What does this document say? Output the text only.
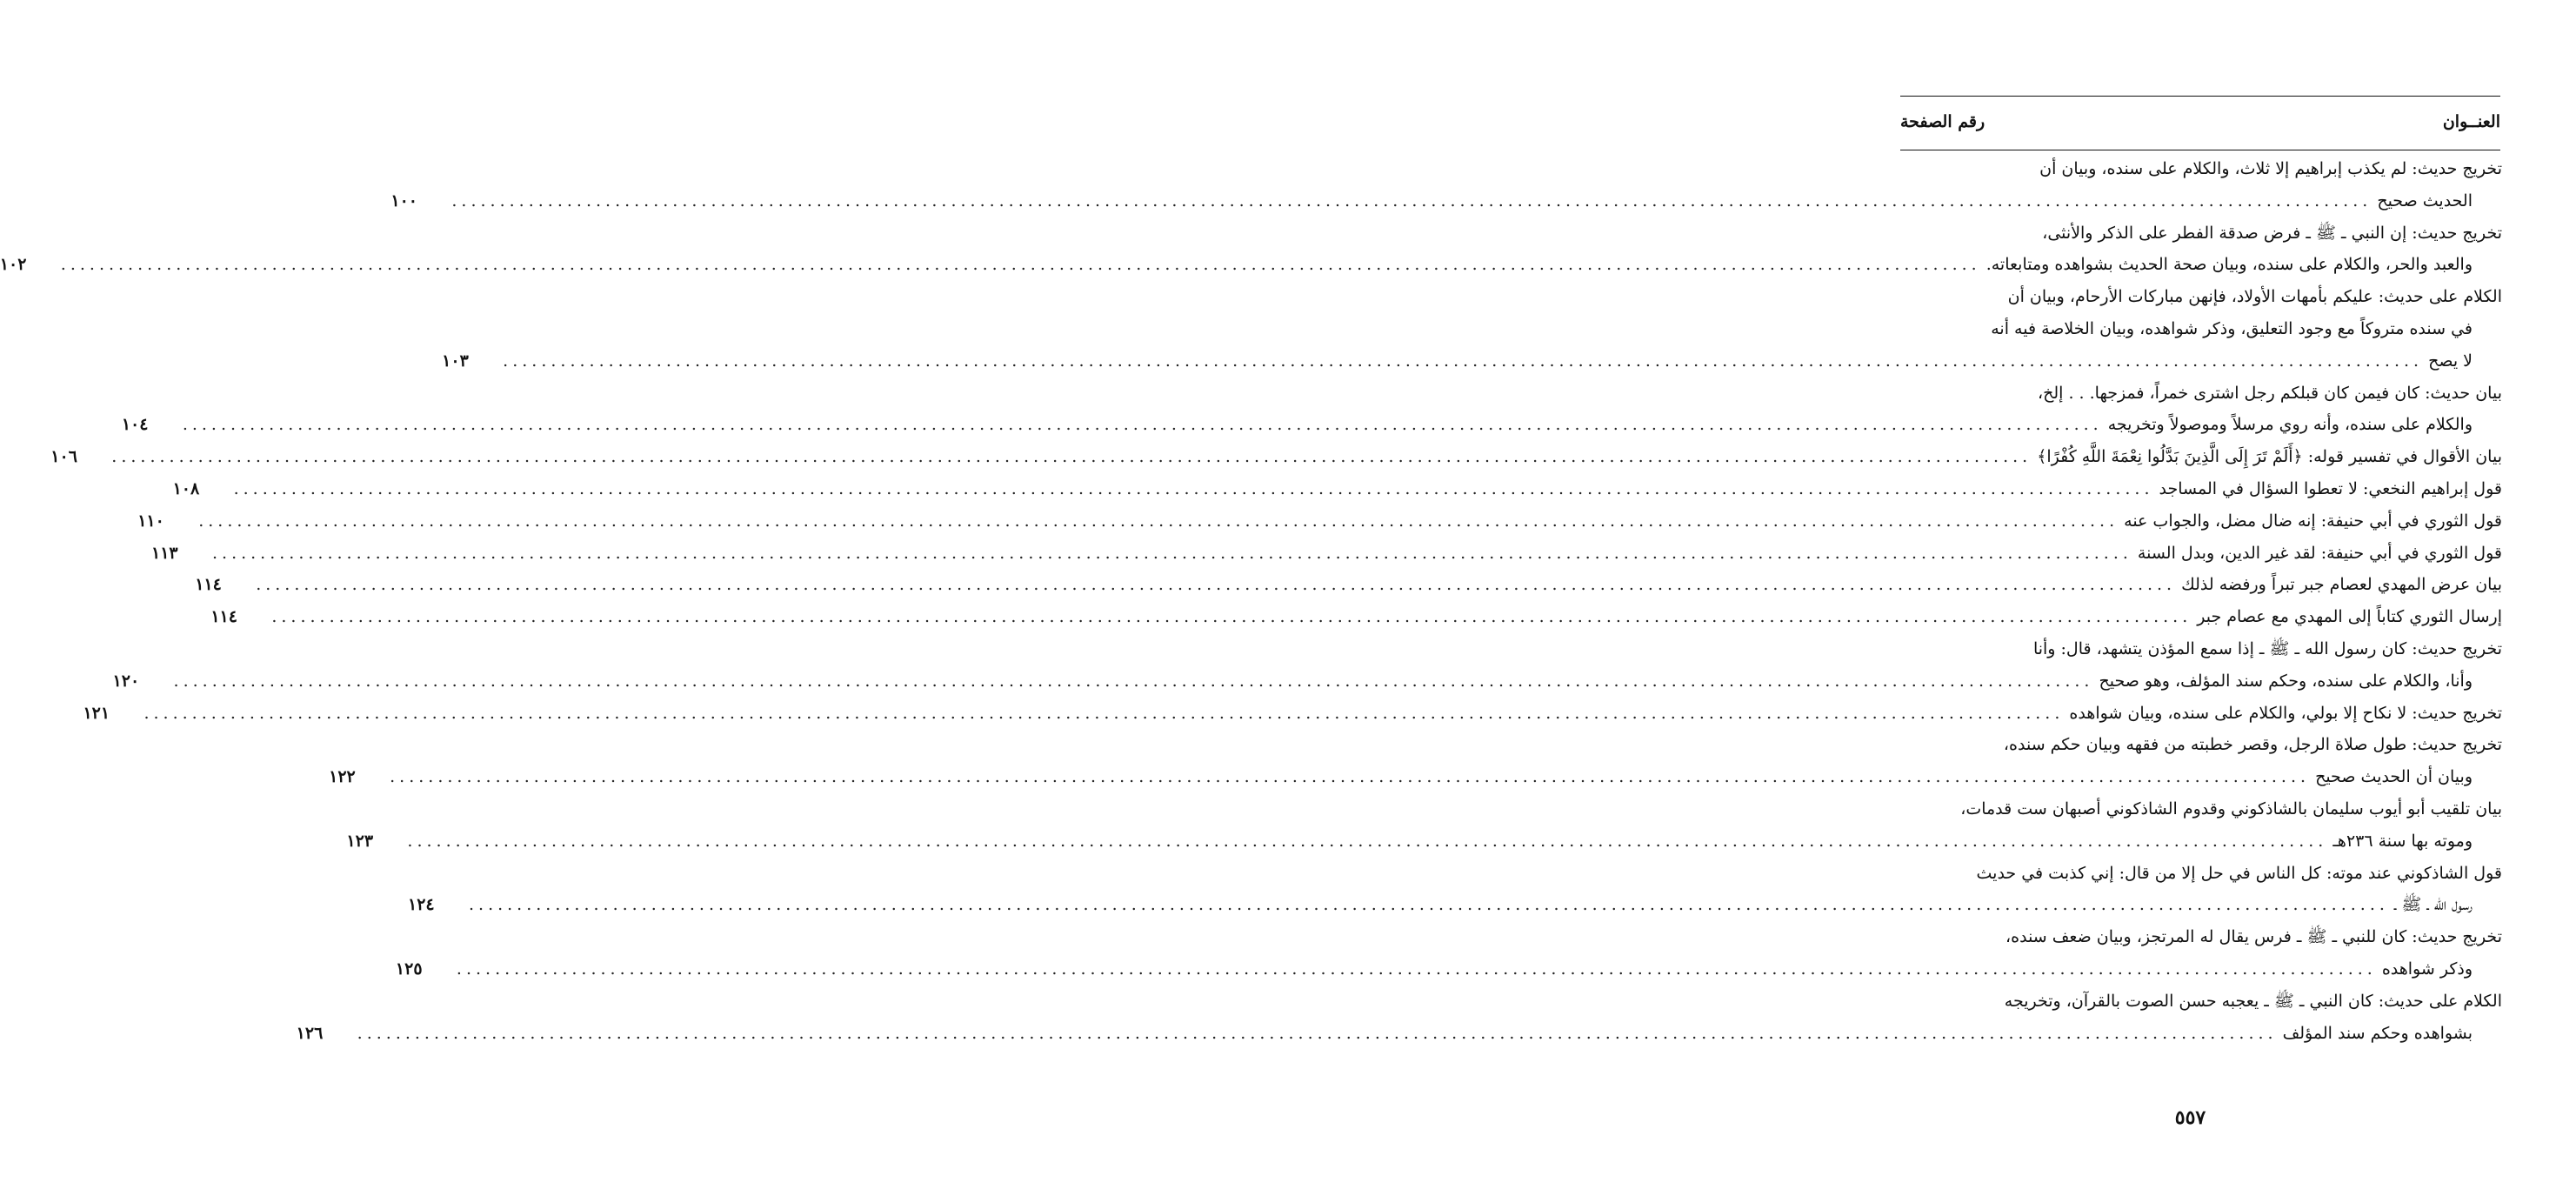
العنــوان
رقم الصفحة
تخريج حديث: لم يكذب إبراهيم إلا ثلاث، والكلام على سنده، وبيان أن
الحديث صحيح
........................................................................................................................................................................................................
١٠٠
تخريج حديث: إن النبي ـ ﷺ ـ فرض صدقة الفطر على الذكر والأنثى،
والعبد والحر، والكلام على سنده، وبيان صحة الحديث بشواهده ومتابعاته.
........................................................................................................................................................................................................
١٠٢
الكلام على حديث: عليكم بأمهات الأولاد، فإنهن مباركات الأرحام، وبيان أن
في سنده متروكاً مع وجود التعليق، وذكر شواهده، وبيان الخلاصة فيه أنه
لا يصح
........................................................................................................................................................................................................
١٠٣
بيان حديث: كان فيمن كان قبلكم رجل اشترى خمراً، فمزجها. . . إلخ،
والكلام على سنده، وأنه روي مرسلاً وموصولاً وتخريجه
........................................................................................................................................................................................................
١٠٤
بيان الأقوال في تفسير قوله: ﴿أَلَمْ تَرَ إِلَى الَّذِينَ بَدَّلُوا نِعْمَةَ اللَّهِ كُفْرًا﴾
........................................................................................................................................................................................................
١٠٦
قول إبراهيم النخعي: لا تعطوا السؤال في المساجد
........................................................................................................................................................................................................
١٠٨
قول الثوري في أبي حنيفة: إنه ضال مضل، والجواب عنه
........................................................................................................................................................................................................
١١٠
قول الثوري في أبي حنيفة: لقد غير الدين، وبدل السنة
........................................................................................................................................................................................................
١١٣
بيان عرض المهدي لعصام جبر تبراً ورفضه لذلك
........................................................................................................................................................................................................
١١٤
إرسال الثوري كتاباً إلى المهدي مع عصام جبر
........................................................................................................................................................................................................
١١٤
تخريج حديث: كان رسول الله ـ ﷺ ـ إذا سمع المؤذن يتشهد، قال: وأنا
وأنا، والكلام على سنده، وحكم سند المؤلف، وهو صحيح
........................................................................................................................................................................................................
١٢٠
تخريج حديث: لا نكاح إلا بولي، والكلام على سنده، وبيان شواهده
........................................................................................................................................................................................................
١٢١
تخريج حديث: طول صلاة الرجل، وقصر خطبته من فقهه وبيان حكم سنده،
وبيان أن الحديث صحيح
........................................................................................................................................................................................................
١٢٢
بيان تلقيب أبو أيوب سليمان بالشاذكوني وقدوم الشاذكوني أصبهان ست قدمات،
وموته بها سنة ٢٣٦هـ
........................................................................................................................................................................................................
١٢٣
قول الشاذكوني عند موته: كل الناس في حل إلا من قال: إني كذبت في حديث
رسول الله ـ ﷺ ـ
........................................................................................................................................................................................................
١٢٤
تخريج حديث: كان للنبي ـ ﷺ ـ فرس يقال له المرتجز، وبيان ضعف سنده،
وذكر شواهده
........................................................................................................................................................................................................
١٢٥
الكلام على حديث: كان النبي ـ ﷺ ـ يعجبه حسن الصوت بالقرآن، وتخريجه
بشواهده وحكم سند المؤلف
........................................................................................................................................................................................................
١٢٦
٥٥٧
